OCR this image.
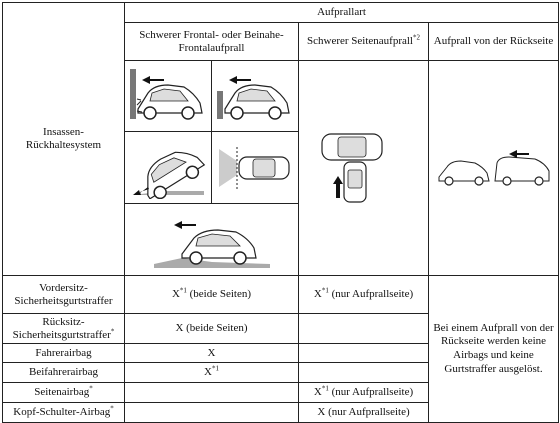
Insassen-
Rückhaltesystem	Aufprallart		
	Schwerer Frontal- oder Beinahe-Frontalaufprall	Schwerer Seitenaufprall$^{*2}$	Aufprall von der Rückseite

Vordersitz-Sicherheitsgurtstraffer	$X^{*1}$ (beide Seiten)	$X^{*1}$ (nur Aufprallseite)	Bei einem Aufprall von der Rückseite werden keine Airbags und keine Gurtstraffer ausgelöst.
Rücksitz-Sicherheitsgurtstraffer*	X (beide Seiten)		
Fahrerairbag	X		
Beifahrerairbag	$X^{*1}$	
Seitenairbag*		$X^{*1}$ (nur Aufprallseite)	
Kopf-Schulter-Airbag*		X (nur Aufprallseite)	
